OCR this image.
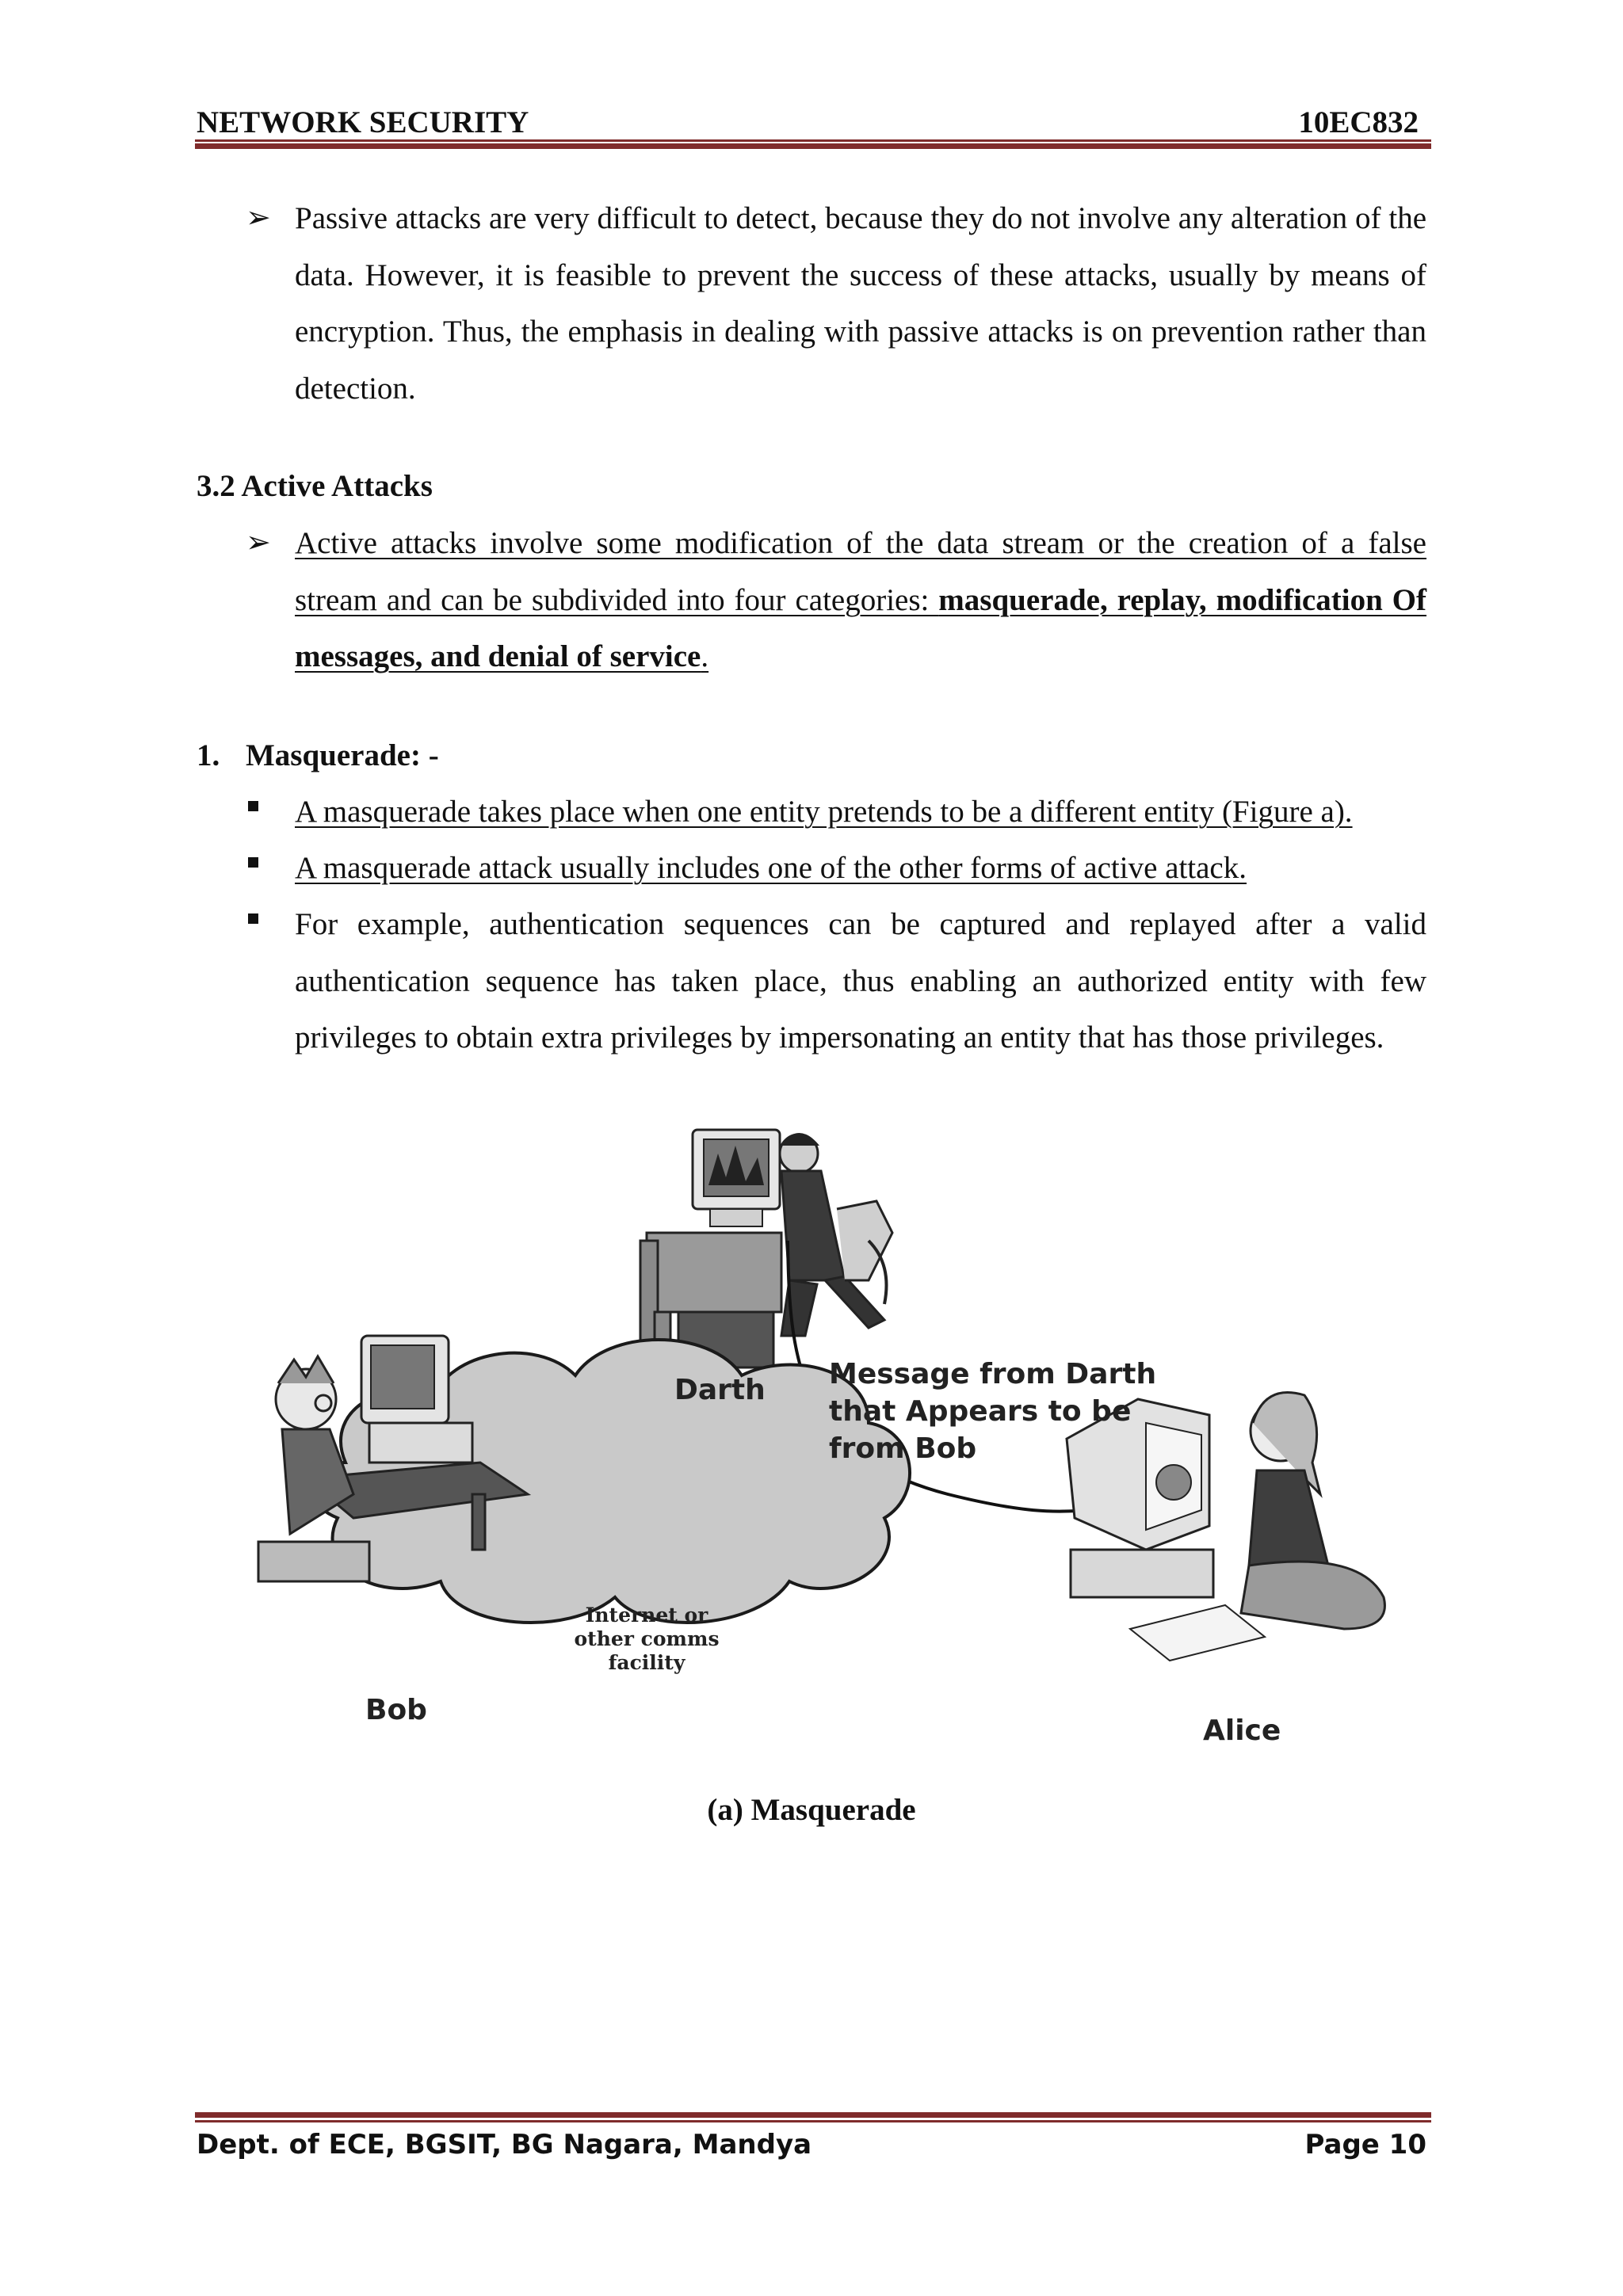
NETWORK SECURITY	10EC832
➢ Passive attacks are very difficult to detect, because they do not involve any alteration of the data. However, it is feasible to prevent the success of these attacks, usually by means of encryption. Thus, the emphasis in dealing with passive attacks is on prevention rather than detection.
3.2 Active Attacks
➢ Active attacks involve some modification of the data stream or the creation of a false stream and can be subdivided into four categories: masquerade, replay, modification Of messages, and denial of service.
1. Masquerade: -
A masquerade takes place when one entity pretends to be a different entity (Figure a).
A masquerade attack usually includes one of the other forms of active attack.
For example, authentication sequences can be captured and replayed after a valid authentication sequence has taken place, thus enabling an authorized entity with few privileges to obtain extra privileges by impersonating an entity that has those privileges.
Darth Message from Darth
that Appears to be
from Bob
Internet or
other comms facility
Bob
Alice
(a) Masquerade
Dept. of ECE, BGSIT, BG Nagara, Mandya	Page 10
